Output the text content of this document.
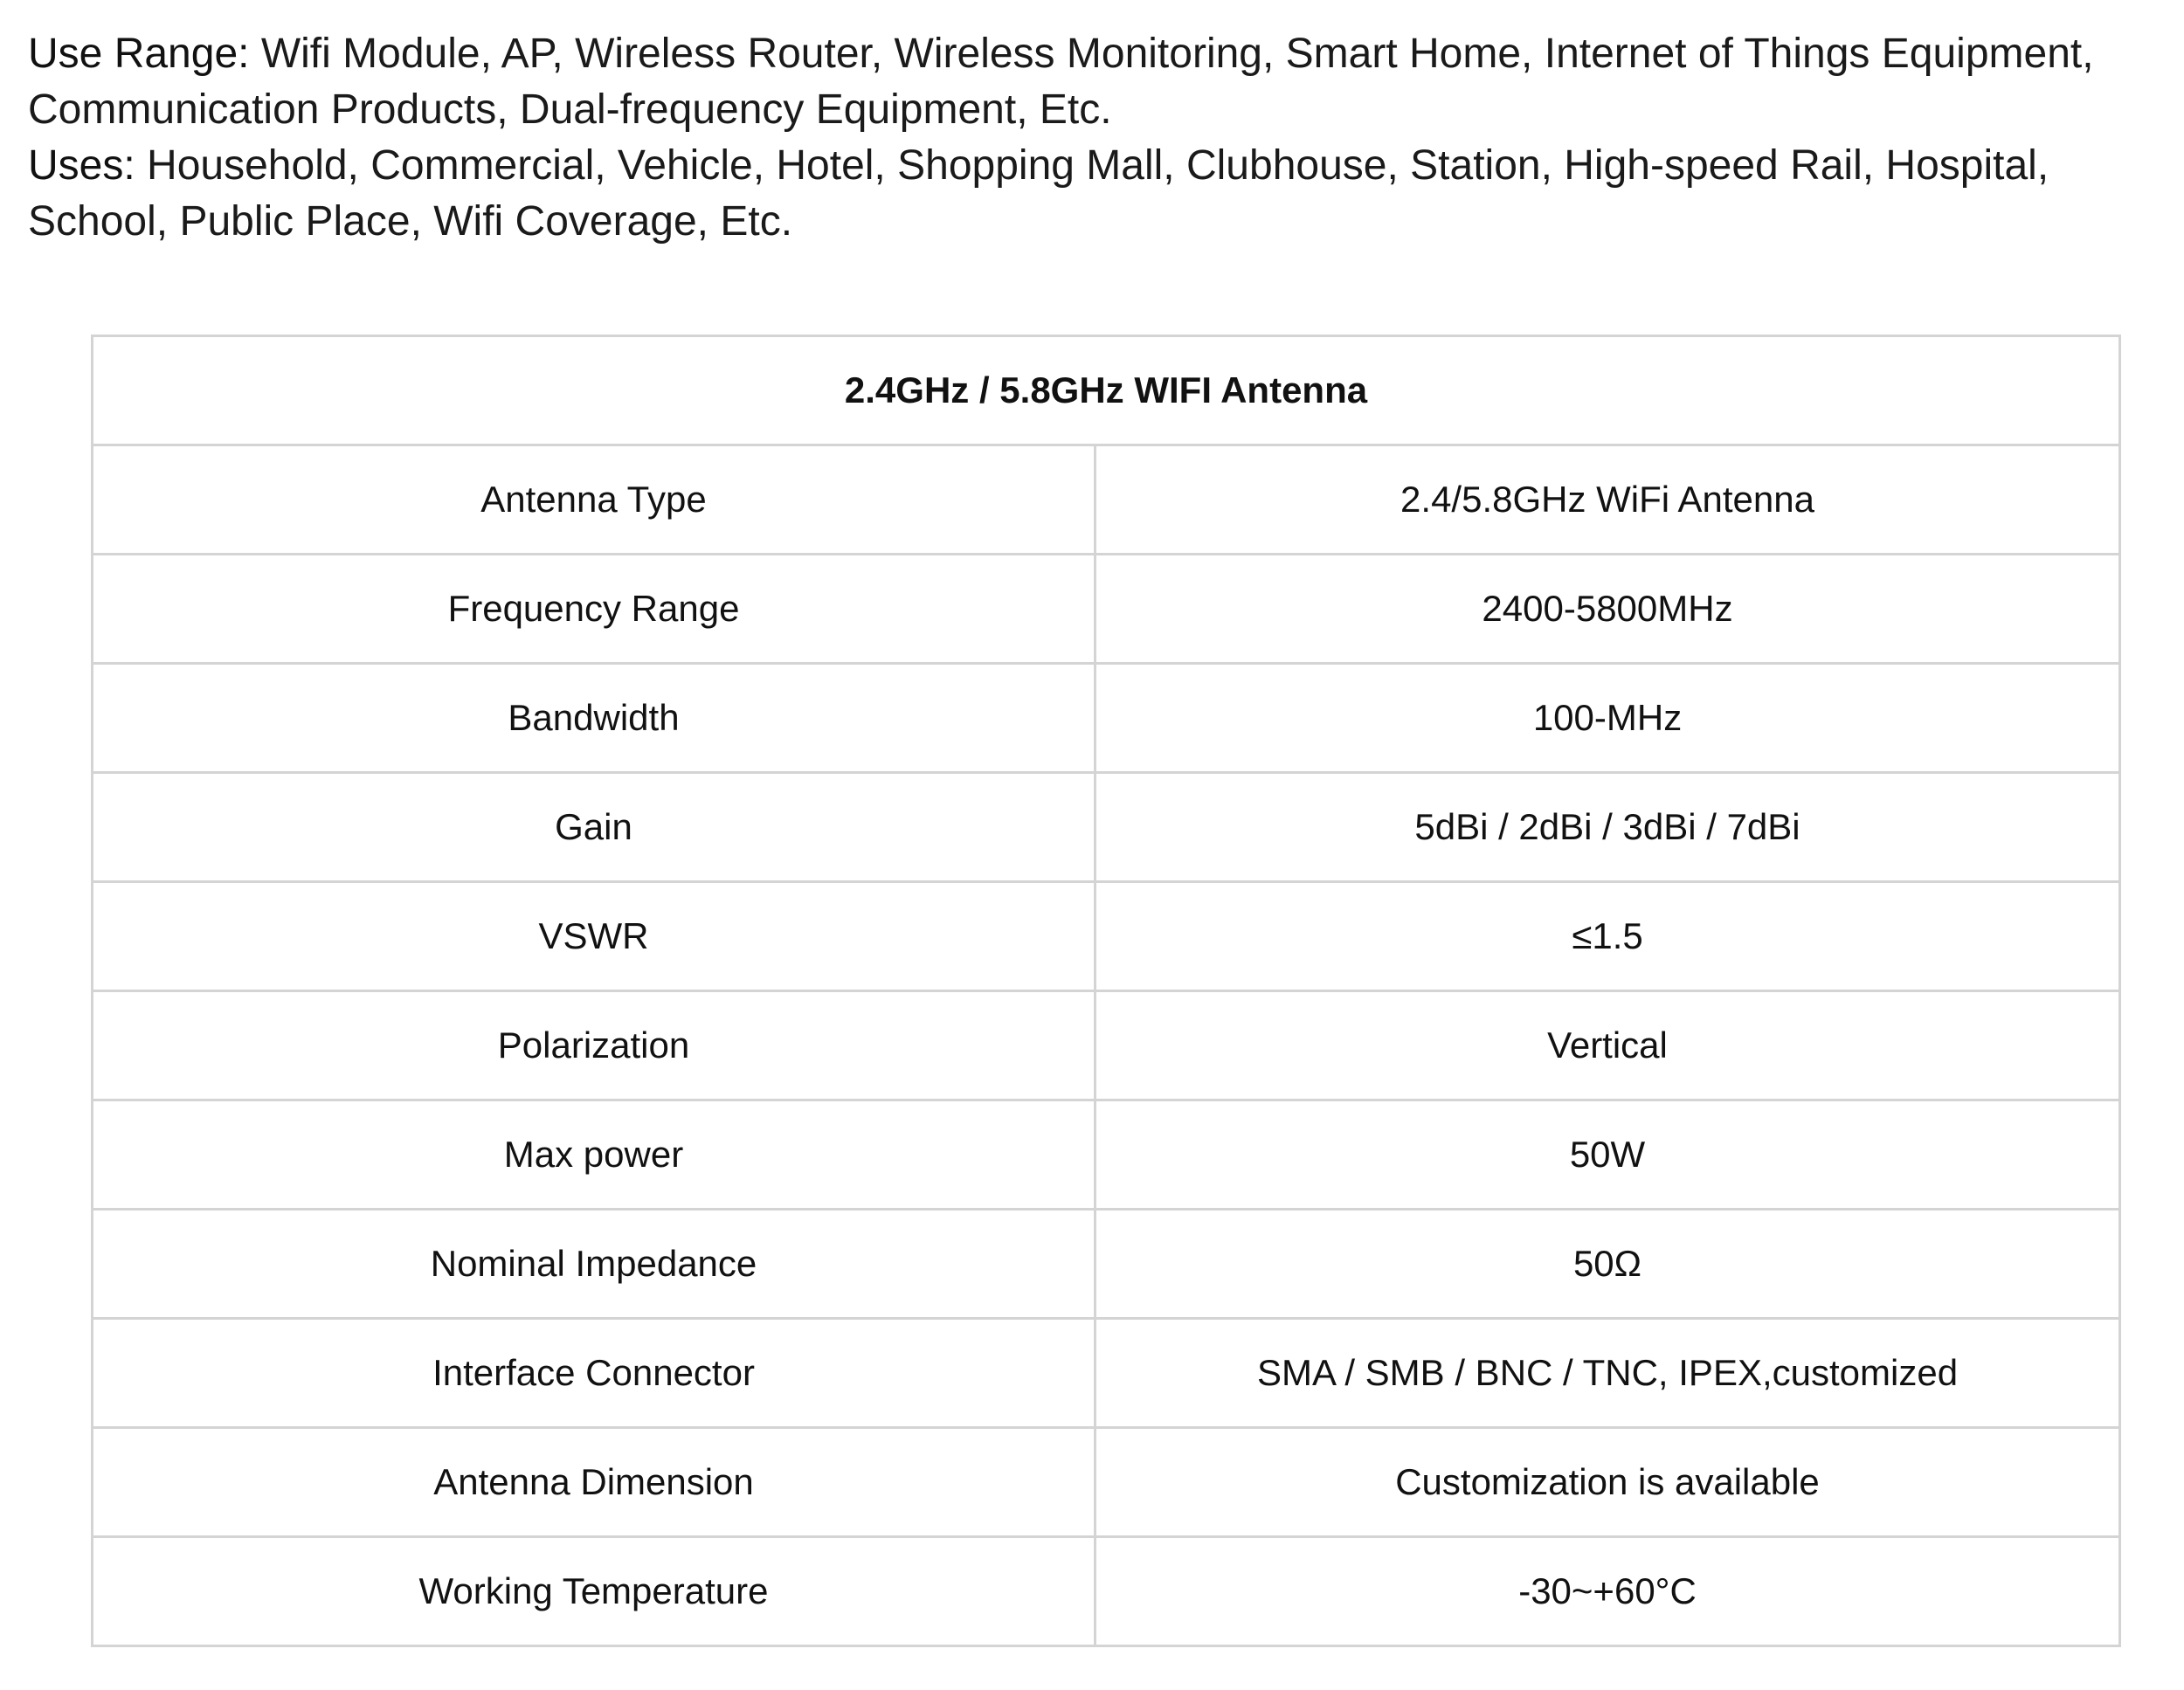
Use Range: Wifi Module, AP, Wireless Router, Wireless Monitoring, Smart Home, Internet of Things Equipment, Communication Products, Dual-frequency Equipment, Etc.

Uses: Household, Commercial, Vehicle, Hotel, Shopping Mall, Clubhouse, Station, High-speed Rail, Hospital, School, Public Place, Wifi Coverage, Etc.

2.4GHz / 5.8GHz WIFI Antenna	
Antenna Type	2.4/5.8GHz WiFi Antenna
Frequency Range	2400-5800MHz
Bandwidth	100-MHz
Gain	5dBi / 2dBi / 3dBi / 7dBi
VSWR	≤1.5
Polarization	Vertical
Max power	50W
Nominal Impedance	50Ω
Interface Connector	SMA / SMB / BNC / TNC, IPEX,customized
Antenna Dimension	Customization is available
Working Temperature	-30~+60°C
